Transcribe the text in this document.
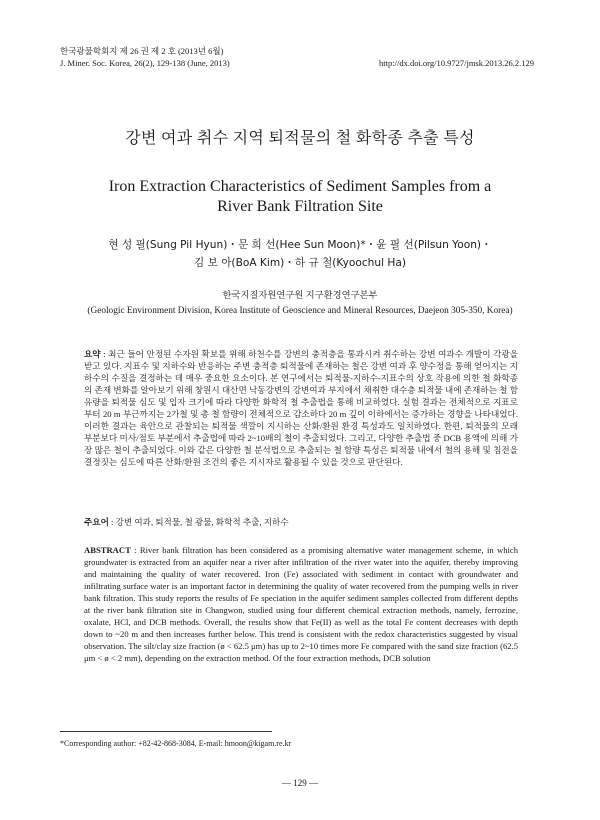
한국광물학회지 제 26 권 제 2 호 (2013년 6월)
J. Miner. Soc. Korea, 26(2), 129-138 (June, 2013)	http://dx.doi.org/10.9727/jmsk.2013.26.2.129
강변 여과 취수 지역 퇴적물의 철 화학종 추출 특성
Iron Extraction Characteristics of Sediment Samples from a
River Bank Filtration Site
현 성 필(Sung Pil Hyun)・문 희 선(Hee Sun Moon)*・윤 필 선(Pilsun Yoon)・
김 보 아(BoA Kim)・하 규 철(Kyoochul Ha)
한국지질자원연구원 지구환경연구본부
(Geologic Environment Division, Korea Institute of Geoscience and Mineral Resources, Daejeon 305-350, Korea)
요약 : 최근 들어 안정된 수자원 확보를 위해 하천수를 강변의 충적층을 통과시켜 취수하는 강변 여과수 개발이 각광을 받고 있다. 지표수 및 지하수와 반응하는 주변 충적층 퇴적물에 존재하는 철은 강변 여과 후 양수정을 통해 얻어지는 지하수의 수질을 결정하는 데 매우 중요한 요소이다. 본 연구에서는 퇴적물-지하수-지표수의 상호 작용에 의한 철 화학종의 존재 변화를 알아보기 위해 창원시 대산면 낙동강변의 강변여과 부지에서 채취한 대수층 퇴적물 내에 존재하는 철 함유량을 퇴적물 심도 및 입자 크기에 따라 다양한 화학적 철 추출법을 통해 비교하였다. 실험 결과는 전체적으로 지표로부터 20 m 부근까지는 2가철 및 총 철 함량이 전체적으로 감소하다 20 m 깊이 이하에서는 증가하는 경향을 나타내었다. 이러한 결과는 육안으로 관찰되는 퇴적물 색깔이 지시하는 산화/환원 환경 특성과도 일치하였다. 한편, 퇴적물의 모래 부분보다 미사/점토 부분에서 추출법에 따라 2~10배의 철이 추출되었다. 그리고, 다양한 추출법 중 DCB 용액에 의해 가장 많은 철이 추출되었다. 이와 같은 다양한 철 분석법으로 추출되는 철 함량 특성은 퇴적물 내에서 철의 용해 및 침전을 결정짓는 심도에 따른 산화/환원 조건의 좋은 지시자로 활용될 수 있을 것으로 판단된다.
주요어 : 강변 여과, 퇴적물, 철 광물, 화학적 추출, 지하수
ABSTRACT : River bank filtration has been considered as a promising alternative water management scheme, in which groundwater is extracted from an aquifer near a river after infiltration of the river water into the aquifer, thereby improving and maintaining the quality of water recovered. Iron (Fe) associated with sediment in contact with groundwater and infiltrating surface water is an important factor in determining the quality of water recovered from the pumping wells in river bank filtration. This study reports the results of Fe speciation in the aquifer sediment samples collected from different depths at the river bank filtration site in Changwon, studied using four different chemical extraction methods, namely, ferrozine, oxalate, HCl, and DCB methods. Overall, the results show that Fe(II) as well as the total Fe content decreases with depth down to ~20 m and then increases further below. This trend is consistent with the redox characteristics suggested by visual observation. The silt/clay size fraction (ø < 62.5 μm) has up to 2~10 times more Fe compared with the sand size fraction (62.5 μm < ø < 2 mm), depending on the extraction method. Of the four extraction methods, DCB solution
*Corresponding author: +82-42-868-3084, E-mail: hmoon@kigam.re.kr
— 129 —
